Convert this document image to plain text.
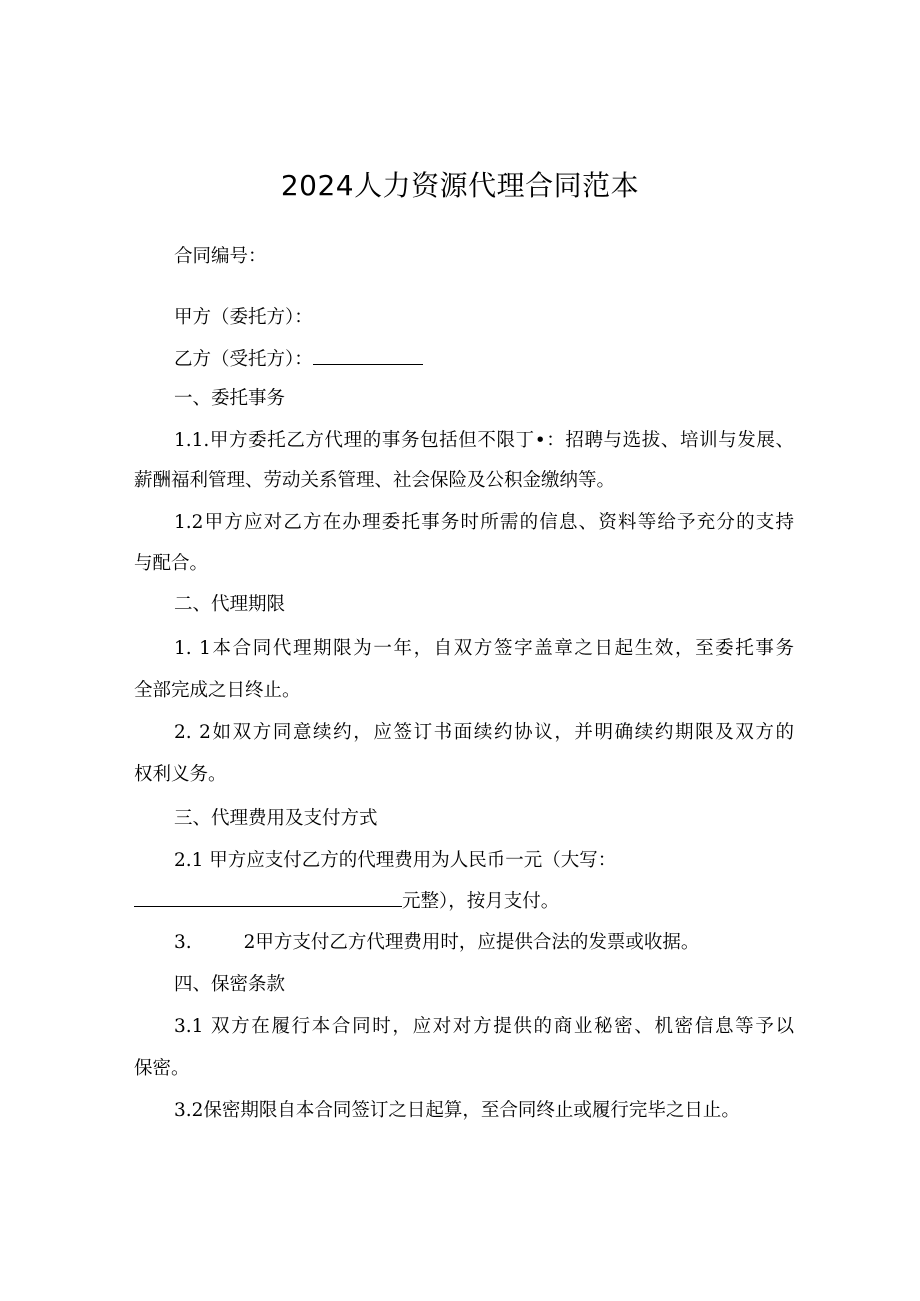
2024人力资源代理合同范本
合同编号：
甲方（委托方）：
乙方（受托方）：
一、委托事务
1.1.甲方委托乙方代理的事务包括但不限丁•：招聘与选拔、培训与发展、
薪酬福利管理、劳动关系管理、社会保险及公积金缴纳等。
1.2甲方应对乙方在办理委托事务时所需的信息、资料等给予充分的支持
与配合。
二、代理期限
1. 1本合同代理期限为一年，自双方签字盖章之日起生效，至委托事务
全部完成之日终止。
2. 2如双方同意续约，应签订书面续约协议，并明确续约期限及双方的
权利义务。
三、代理费用及支付方式
2.1 甲方应支付乙方的代理费用为人民币一元（大写：
元整），按月支付。
3.	2甲方支付乙方代理费用时，应提供合法的发票或收据。
四、保密条款
3.1 双方在履行本合同时，应对对方提供的商业秘密、机密信息等予以
保密。
3.2保密期限自本合同签订之日起算，至合同终止或履行完毕之日止。
